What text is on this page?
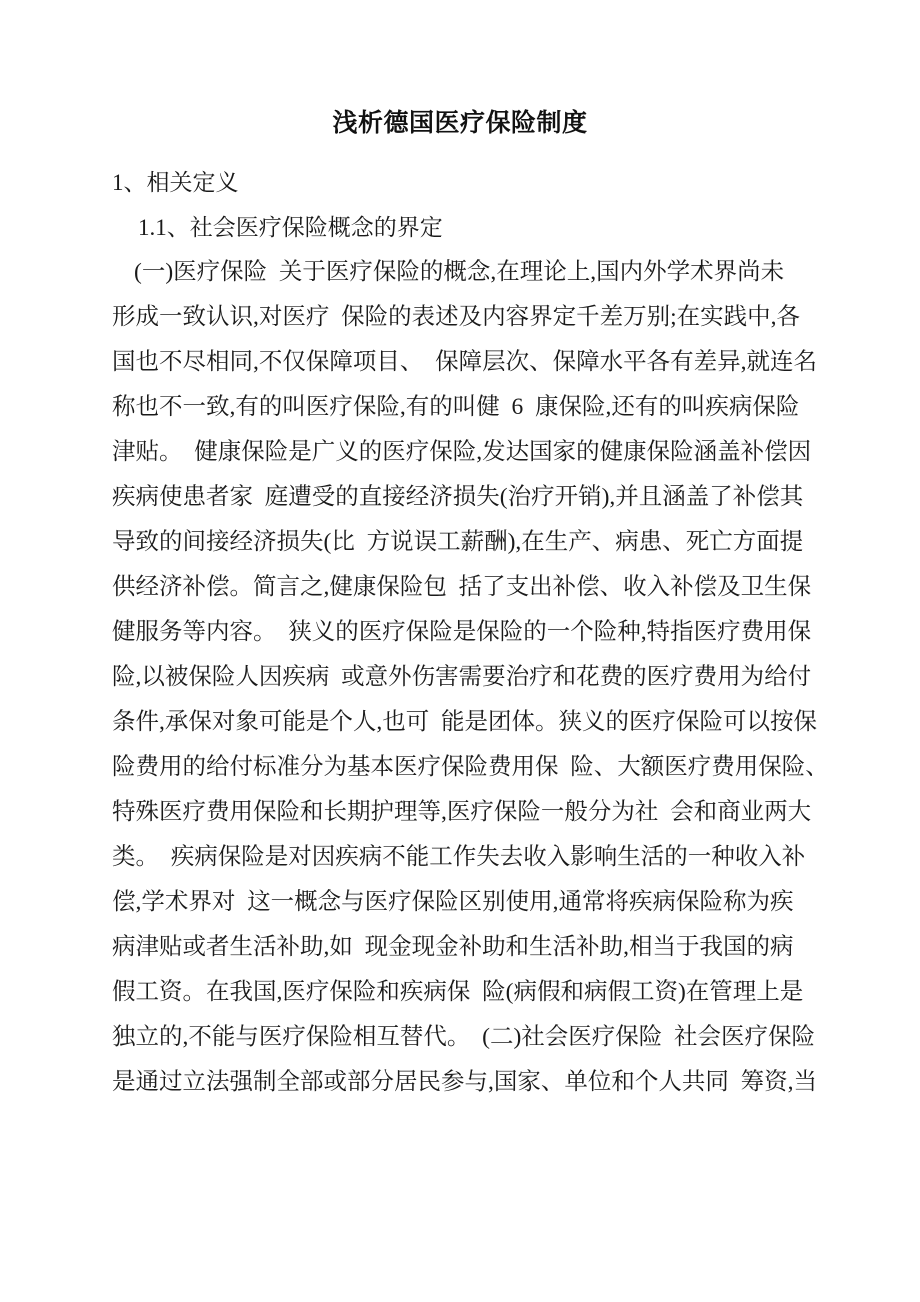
浅析德国医疗保险制度
1、相关定义
1.1、社会医疗保险概念的界定
(一)医疗保险  关于医疗保险的概念,在理论上,国内外学术界尚未
形成一致认识,对医疗  保险的表述及内容界定千差万别;在实践中,各
国也不尽相同,不仅保障项目、  保障层次、保障水平各有差异,就连名
称也不一致,有的叫医疗保险,有的叫健  6  康保险,还有的叫疾病保险
津贴。  健康保险是广义的医疗保险,发达国家的健康保险涵盖补偿因
疾病使患者家  庭遭受的直接经济损失(治疗开销),并且涵盖了补偿其
导致的间接经济损失(比  方说误工薪酬),在生产、病患、死亡方面提
供经济补偿。简言之,健康保险包  括了支出补偿、收入补偿及卫生保
健服务等内容。  狭义的医疗保险是保险的一个险种,特指医疗费用保
险,以被保险人因疾病  或意外伤害需要治疗和花费的医疗费用为给付
条件,承保对象可能是个人,也可  能是团体。狭义的医疗保险可以按保
险费用的给付标准分为基本医疗保险费用保  险、大额医疗费用保险、
特殊医疗费用保险和长期护理等,医疗保险一般分为社  会和商业两大
类。  疾病保险是对因疾病不能工作失去收入影响生活的一种收入补
偿,学术界对  这一概念与医疗保险区别使用,通常将疾病保险称为疾
病津贴或者生活补助,如  现金现金补助和生活补助,相当于我国的病
假工资。在我国,医疗保险和疾病保  险(病假和病假工资)在管理上是
独立的,不能与医疗保险相互替代。  (二)社会医疗保险  社会医疗保险
是通过立法强制全部或部分居民参与,国家、单位和个人共同  筹资,当
